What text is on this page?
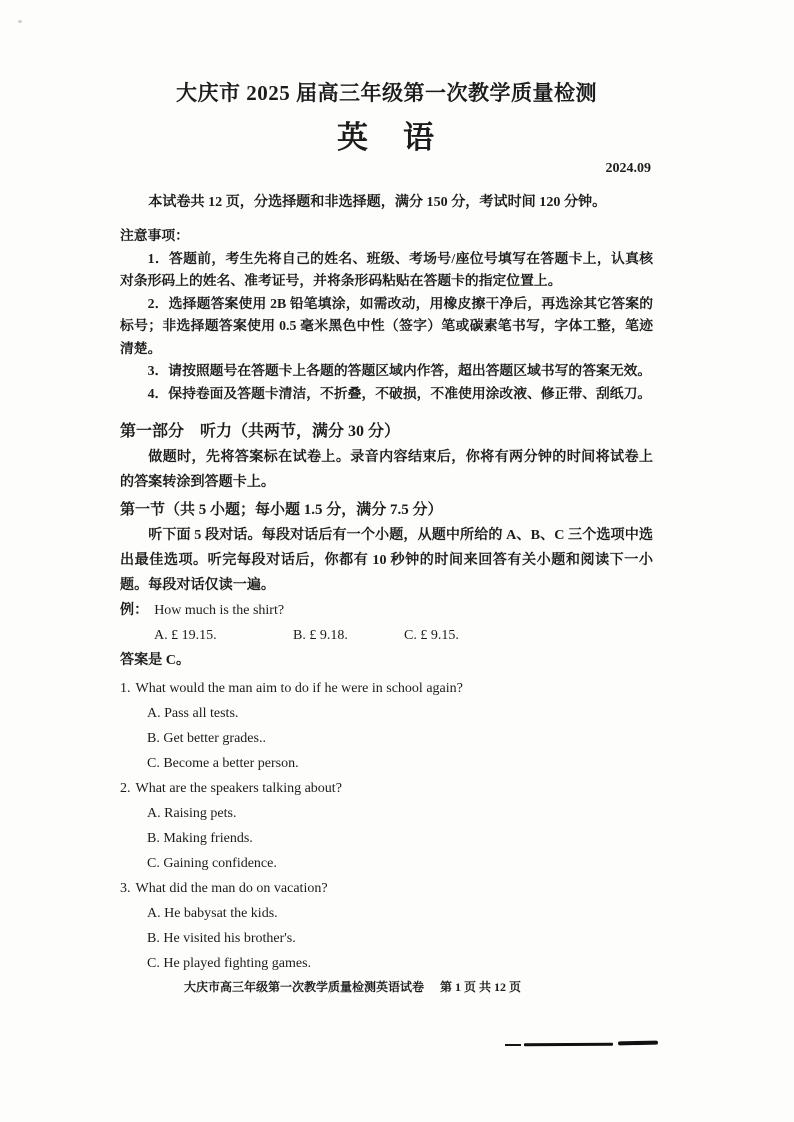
大庆市 2025 届高三年级第一次教学质量检测
英　语
2024.09

本试卷共 12 页，分选择题和非选择题，满分 150 分，考试时间 120 分钟。

注意事项：

1．答题前，考生先将自己的姓名、班级、考场号/座位号填写在答题卡上，认真核对条形码上的姓名、准考证号，并将条形码粘贴在答题卡的指定位置上。

2．选择题答案使用 2B 铅笔填涂，如需改动，用橡皮擦干净后，再选涂其它答案的标号；非选择题答案使用 0.5 毫米黑色中性（签字）笔或碳素笔书写，字体工整，笔迹清楚。

3．请按照题号在答题卡上各题的答题区域内作答，超出答题区域书写的答案无效。

4．保持卷面及答题卡清洁，不折叠，不破损，不准使用涂改液、修正带、刮纸刀。

第一部分　听力（共两节，满分 30 分）

做题时，先将答案标在试卷上。录音内容结束后，你将有两分钟的时间将试卷上的答案转涂到答题卡上。

第一节（共 5 小题；每小题 1.5 分，满分 7.5 分）

听下面 5 段对话。每段对话后有一个小题，从题中所给的 A、B、C 三个选项中选出最佳选项。听完每段对话后，你都有 10 秒钟的时间来回答有关小题和阅读下一小题。每段对话仅读一遍。

例： How much is the shirt?
A. £ 19.15.	B. £ 9.18.	C. £ 9.15.
答案是 C。
1. What would the man aim to do if he were in school again?
A. Pass all tests.
B. Get better grades..
C. Become a better person.
2. What are the speakers talking about?
A. Raising pets.
B. Making friends.
C. Gaining confidence.
3. What did the man do on vacation?
A. He babysat the kids.
B. He visited his brother's.
C. He played fighting games.
大庆市高三年级第一次教学质量检测英语试卷 第 1 页 共 12 页
